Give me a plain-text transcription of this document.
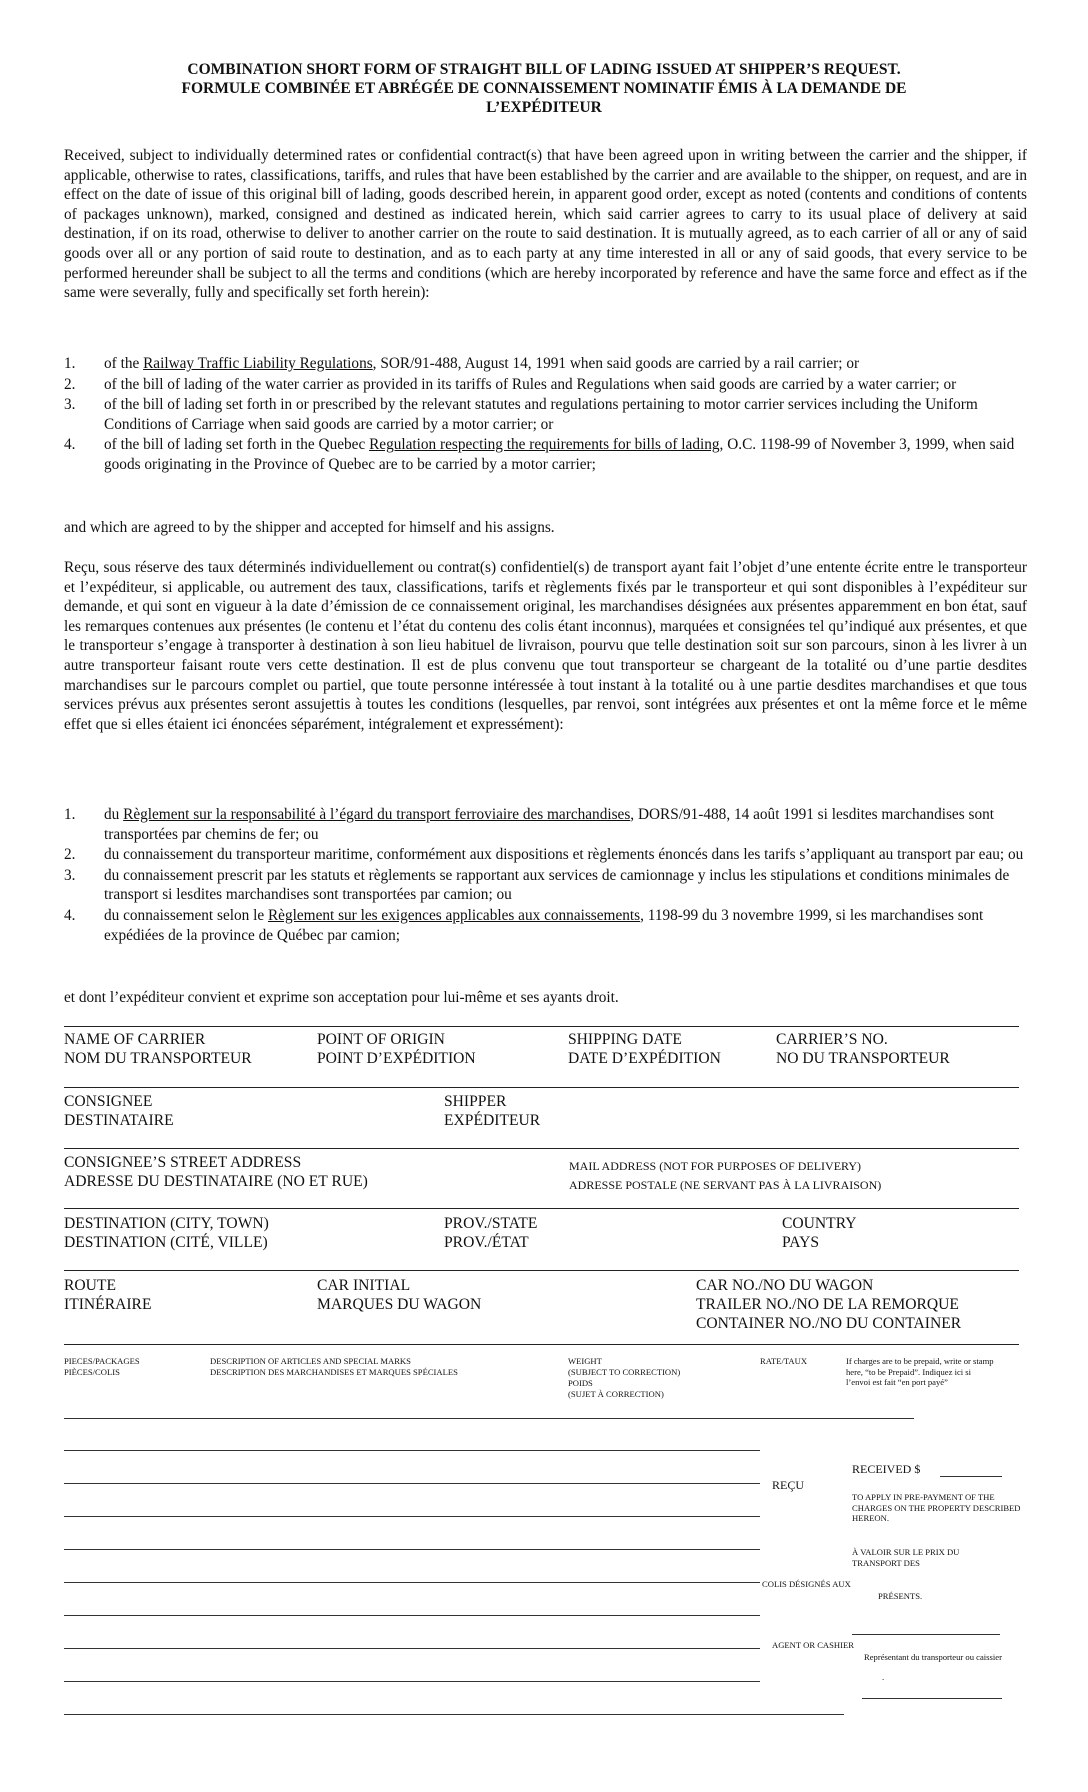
COMBINATION SHORT FORM OF STRAIGHT BILL OF LADING ISSUED AT SHIPPER’S REQUEST.
FORMULE COMBINÉE ET ABRÉGÉE DE CONNAISSEMENT NOMINATIF ÉMIS À LA DEMANDE DE
L’EXPÉDITEUR
Received, subject to individually determined rates or confidential contract(s) that have been agreed upon in writing between the carrier and the shipper, if applicable, otherwise to rates, classifications, tariffs, and rules that have been established by the carrier and are available to the shipper, on request, and are in effect on the date of issue of this original bill of lading, goods described herein, in apparent good order, except as noted (contents and conditions of contents of packages unknown), marked, consigned and destined as indicated herein, which said carrier agrees to carry to its usual place of delivery at said destination, if on its road, otherwise to deliver to another carrier on the route to said destination. It is mutually agreed, as to each carrier of all or any of said goods over all or any portion of said route to destination, and as to each party at any time interested in all or any of said goods, that every service to be performed hereunder shall be subject to all the terms and conditions (which are hereby incorporated by reference and have the same force and effect as if the same were severally, fully and specifically set forth herein):
1. of the Railway Traffic Liability Regulations, SOR/91-488, August 14, 1991 when said goods are carried by a rail carrier; or
2. of the bill of lading of the water carrier as provided in its tariffs of Rules and Regulations when said goods are carried by a water carrier; or
3. of the bill of lading set forth in or prescribed by the relevant statutes and regulations pertaining to motor carrier services including the Uniform Conditions of Carriage when said goods are carried by a motor carrier; or
4. of the bill of lading set forth in the Quebec Regulation respecting the requirements for bills of lading, O.C. 1198-99 of November 3, 1999, when said goods originating in the Province of Quebec are to be carried by a motor carrier;
and which are agreed to by the shipper and accepted for himself and his assigns.
Reçu, sous réserve des taux déterminés individuellement ou contrat(s) confidentiel(s) de transport ayant fait l’objet d’une entente écrite entre le transporteur et l’expéditeur, si applicable, ou autrement des taux, classifications, tarifs et règlements fixés par le transporteur et qui sont disponibles à l’expéditeur sur demande, et qui sont en vigueur à la date d’émission de ce connaissement original, les marchandises désignées aux présentes apparemment en bon état, sauf les remarques contenues aux présentes (le contenu et l’état du contenu des colis étant inconnus), marquées et consignées tel qu’indiqué aux présentes, et que le transporteur s’engage à transporter à destination à son lieu habituel de livraison, pourvu que telle destination soit sur son parcours, sinon à les livrer à un autre transporteur faisant route vers cette destination. Il est de plus convenu que tout transporteur se chargeant de la totalité ou d’une partie desdites marchandises sur le parcours complet ou partiel, que toute personne intéressée à tout instant à la totalité ou à une partie desdites marchandises et que tous services prévus aux présentes seront assujettis à toutes les conditions (lesquelles, par renvoi, sont intégrées aux présentes et ont la même force et le même effet que si elles étaient ici énoncées séparément, intégralement et expressément):
1. du Règlement sur la responsabilité à l’égard du transport ferroviaire des marchandises, DORS/91-488, 14 août 1991 si lesdites marchandises sont transportées par chemins de fer; ou
2. du connaissement du transporteur maritime, conformément aux dispositions et règlements énoncés dans les tarifs s’appliquant au transport par eau; ou
3. du connaissement prescrit par les statuts et règlements se rapportant aux services de camionnage y inclus les stipulations et conditions minimales de transport si lesdites marchandises sont transportées par camion; ou
4. du connaissement selon le Règlement sur les exigences applicables aux connaissements, 1198-99 du 3 novembre 1999, si les marchandises sont expédiées de la province de Québec par camion;
et dont l’expéditeur convient et exprime son acceptation pour lui-même et ses ayants droit.
NAME OF CARRIER
NOM DU TRANSPORTEUR
POINT OF ORIGIN
POINT D’EXPÉDITION
SHIPPING DATE
DATE D’EXPÉDITION
CARRIER’S NO.
NO DU TRANSPORTEUR
CONSIGNEE
DESTINATAIRE
SHIPPER
EXPÉDITEUR
CONSIGNEE’S STREET ADDRESS
ADRESSE DU DESTINATAIRE (NO ET RUE)
MAIL ADDRESS (NOT FOR PURPOSES OF DELIVERY)
ADRESSE POSTALE (NE SERVANT PAS À LA LIVRAISON)
DESTINATION (CITY, TOWN)
DESTINATION (CITÉ, VILLE)
PROV./STATE
PROV./ÉTAT
COUNTRY
PAYS
ROUTE
ITINÉRAIRE
CAR INITIAL
MARQUES DU WAGON
CAR NO./NO DU WAGON
TRAILER NO./NO DE LA REMORQUE
CONTAINER NO./NO DU CONTAINER
PIECES/PACKAGES
PIÈCES/COLIS
DESCRIPTION OF ARTICLES AND SPECIAL MARKS
DESCRIPTION DES MARCHANDISES ET MARQUES SPÉCIALES
WEIGHT
(SUBJECT TO CORRECTION)
POIDS
(SUJET À CORRECTION)
RATE/TAUX	If charges are to be prepaid, write or stamp here, “to be Prepaid”. Indiquez ici si l’envoi est fait “en port payé”
REÇU
RECEIVED $
TO APPLY IN PRE-PAYMENT OF THE CHARGES ON THE PROPERTY DESCRIBED HEREON.
À VALOIR SUR LE PRIX DU TRANSPORT DES
COLIS DÉSIGNÉS AUX
PRÉSENTS.
AGENT OR CASHIER
Représentant du transporteur ou caissier
.
